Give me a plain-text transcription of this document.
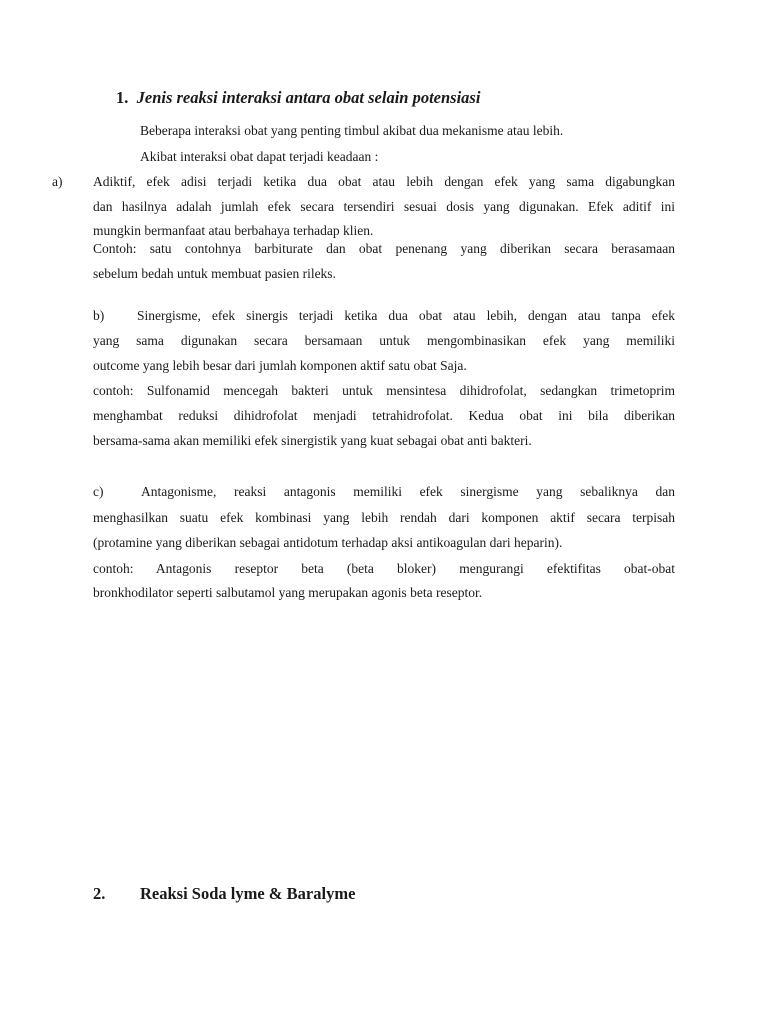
1. Jenis reaksi interaksi antara obat selain potensiasi
Beberapa interaksi obat yang penting timbul akibat dua mekanisme atau lebih.
Akibat interaksi obat dapat terjadi keadaan :
a) Adiktif, efek adisi terjadi ketika dua obat atau lebih dengan efek yang sama digabungkan
dan hasilnya adalah jumlah efek secara tersendiri sesuai dosis yang digunakan. Efek aditif ini
mungkin bermanfaat atau berbahaya terhadap klien.
Contoh: satu contohnya barbiturate dan obat penenang yang diberikan secara berasamaan
sebelum bedah untuk membuat pasien rileks.
b) Sinergisme, efek sinergis terjadi ketika dua obat atau lebih, dengan atau tanpa efek
yang sama digunakan secara bersamaan untuk mengombinasikan efek yang memiliki
outcome yang lebih besar dari jumlah komponen aktif satu obat Saja.
contoh: Sulfonamid mencegah bakteri untuk mensintesa dihidrofolat, sedangkan trimetoprim
menghambat reduksi dihidrofolat menjadi tetrahidrofolat. Kedua obat ini bila diberikan
bersama-sama akan memiliki efek sinergistik yang kuat sebagai obat anti bakteri.
c)	Antagonisme, reaksi antagonis memiliki efek sinergisme yang sebaliknya dan
menghasilkan suatu efek kombinasi yang lebih rendah dari komponen aktif secara terpisah
(protamine yang diberikan sebagai antidotum terhadap aksi antikoagulan dari heparin).
contoh: Antagonis reseptor beta (beta bloker) mengurangi efektifitas obat-obat
bronkhodilator seperti salbutamol yang merupakan agonis beta reseptor.
2. Reaksi Soda lyme & Baralyme
